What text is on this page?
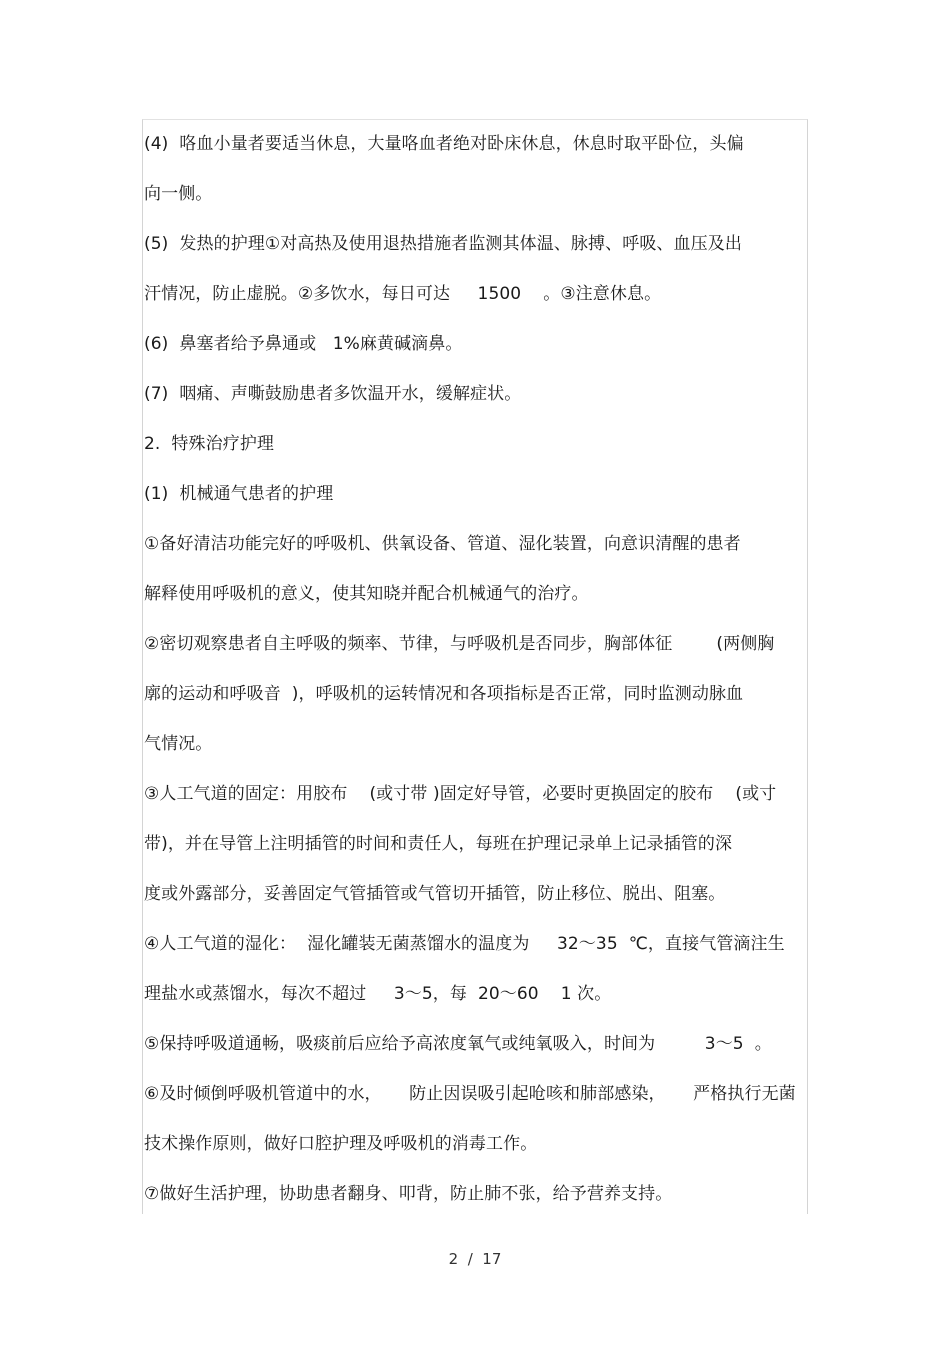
(4)  咯血小量者要适当休息，大量咯血者绝对卧床休息，休息时取平卧位，头偏
向一侧。
(5)  发热的护理①对高热及使用退热措施者监测其体温、脉搏、呼吸、血压及出
汗情况，防止虚脱。②多饮水，每日可达     1500    。③注意休息。
(6)  鼻塞者给予鼻通或   1%麻黄碱滴鼻。
(7)  咽痛、声嘶鼓励患者多饮温开水，缓解症状。
2.  特殊治疗护理
(1)  机械通气患者的护理
①备好清洁功能完好的呼吸机、供氧设备、管道、湿化装置，向意识清醒的患者
解释使用呼吸机的意义，使其知晓并配合机械通气的治疗。
②密切观察患者自主呼吸的频率、节律，与呼吸机是否同步，胸部体征        (两侧胸
廓的运动和呼吸音  )，呼吸机的运转情况和各项指标是否正常，同时监测动脉血
气情况。
③人工气道的固定：用胶布    (或寸带 )固定好导管，必要时更换固定的胶布    (或寸
带)，并在导管上注明插管的时间和责任人，每班在护理记录单上记录插管的深
度或外露部分，妥善固定气管插管或气管切开插管，防止移位、脱出、阻塞。
④人工气道的湿化：  湿化罐装无菌蒸馏水的温度为     32～35  ℃，直接气管滴注生
理盐水或蒸馏水，每次不超过     3～5，每  20～60    1 次。
⑤保持呼吸道通畅，吸痰前后应给予高浓度氧气或纯氧吸入，时间为         3～5  。
⑥及时倾倒呼吸机管道中的水，     防止因误吸引起呛咳和肺部感染，     严格执行无菌
技术操作原则，做好口腔护理及呼吸机的消毒工作。
⑦做好生活护理，协助患者翻身、叩背，防止肺不张，给予营养支持。
2  /  17
